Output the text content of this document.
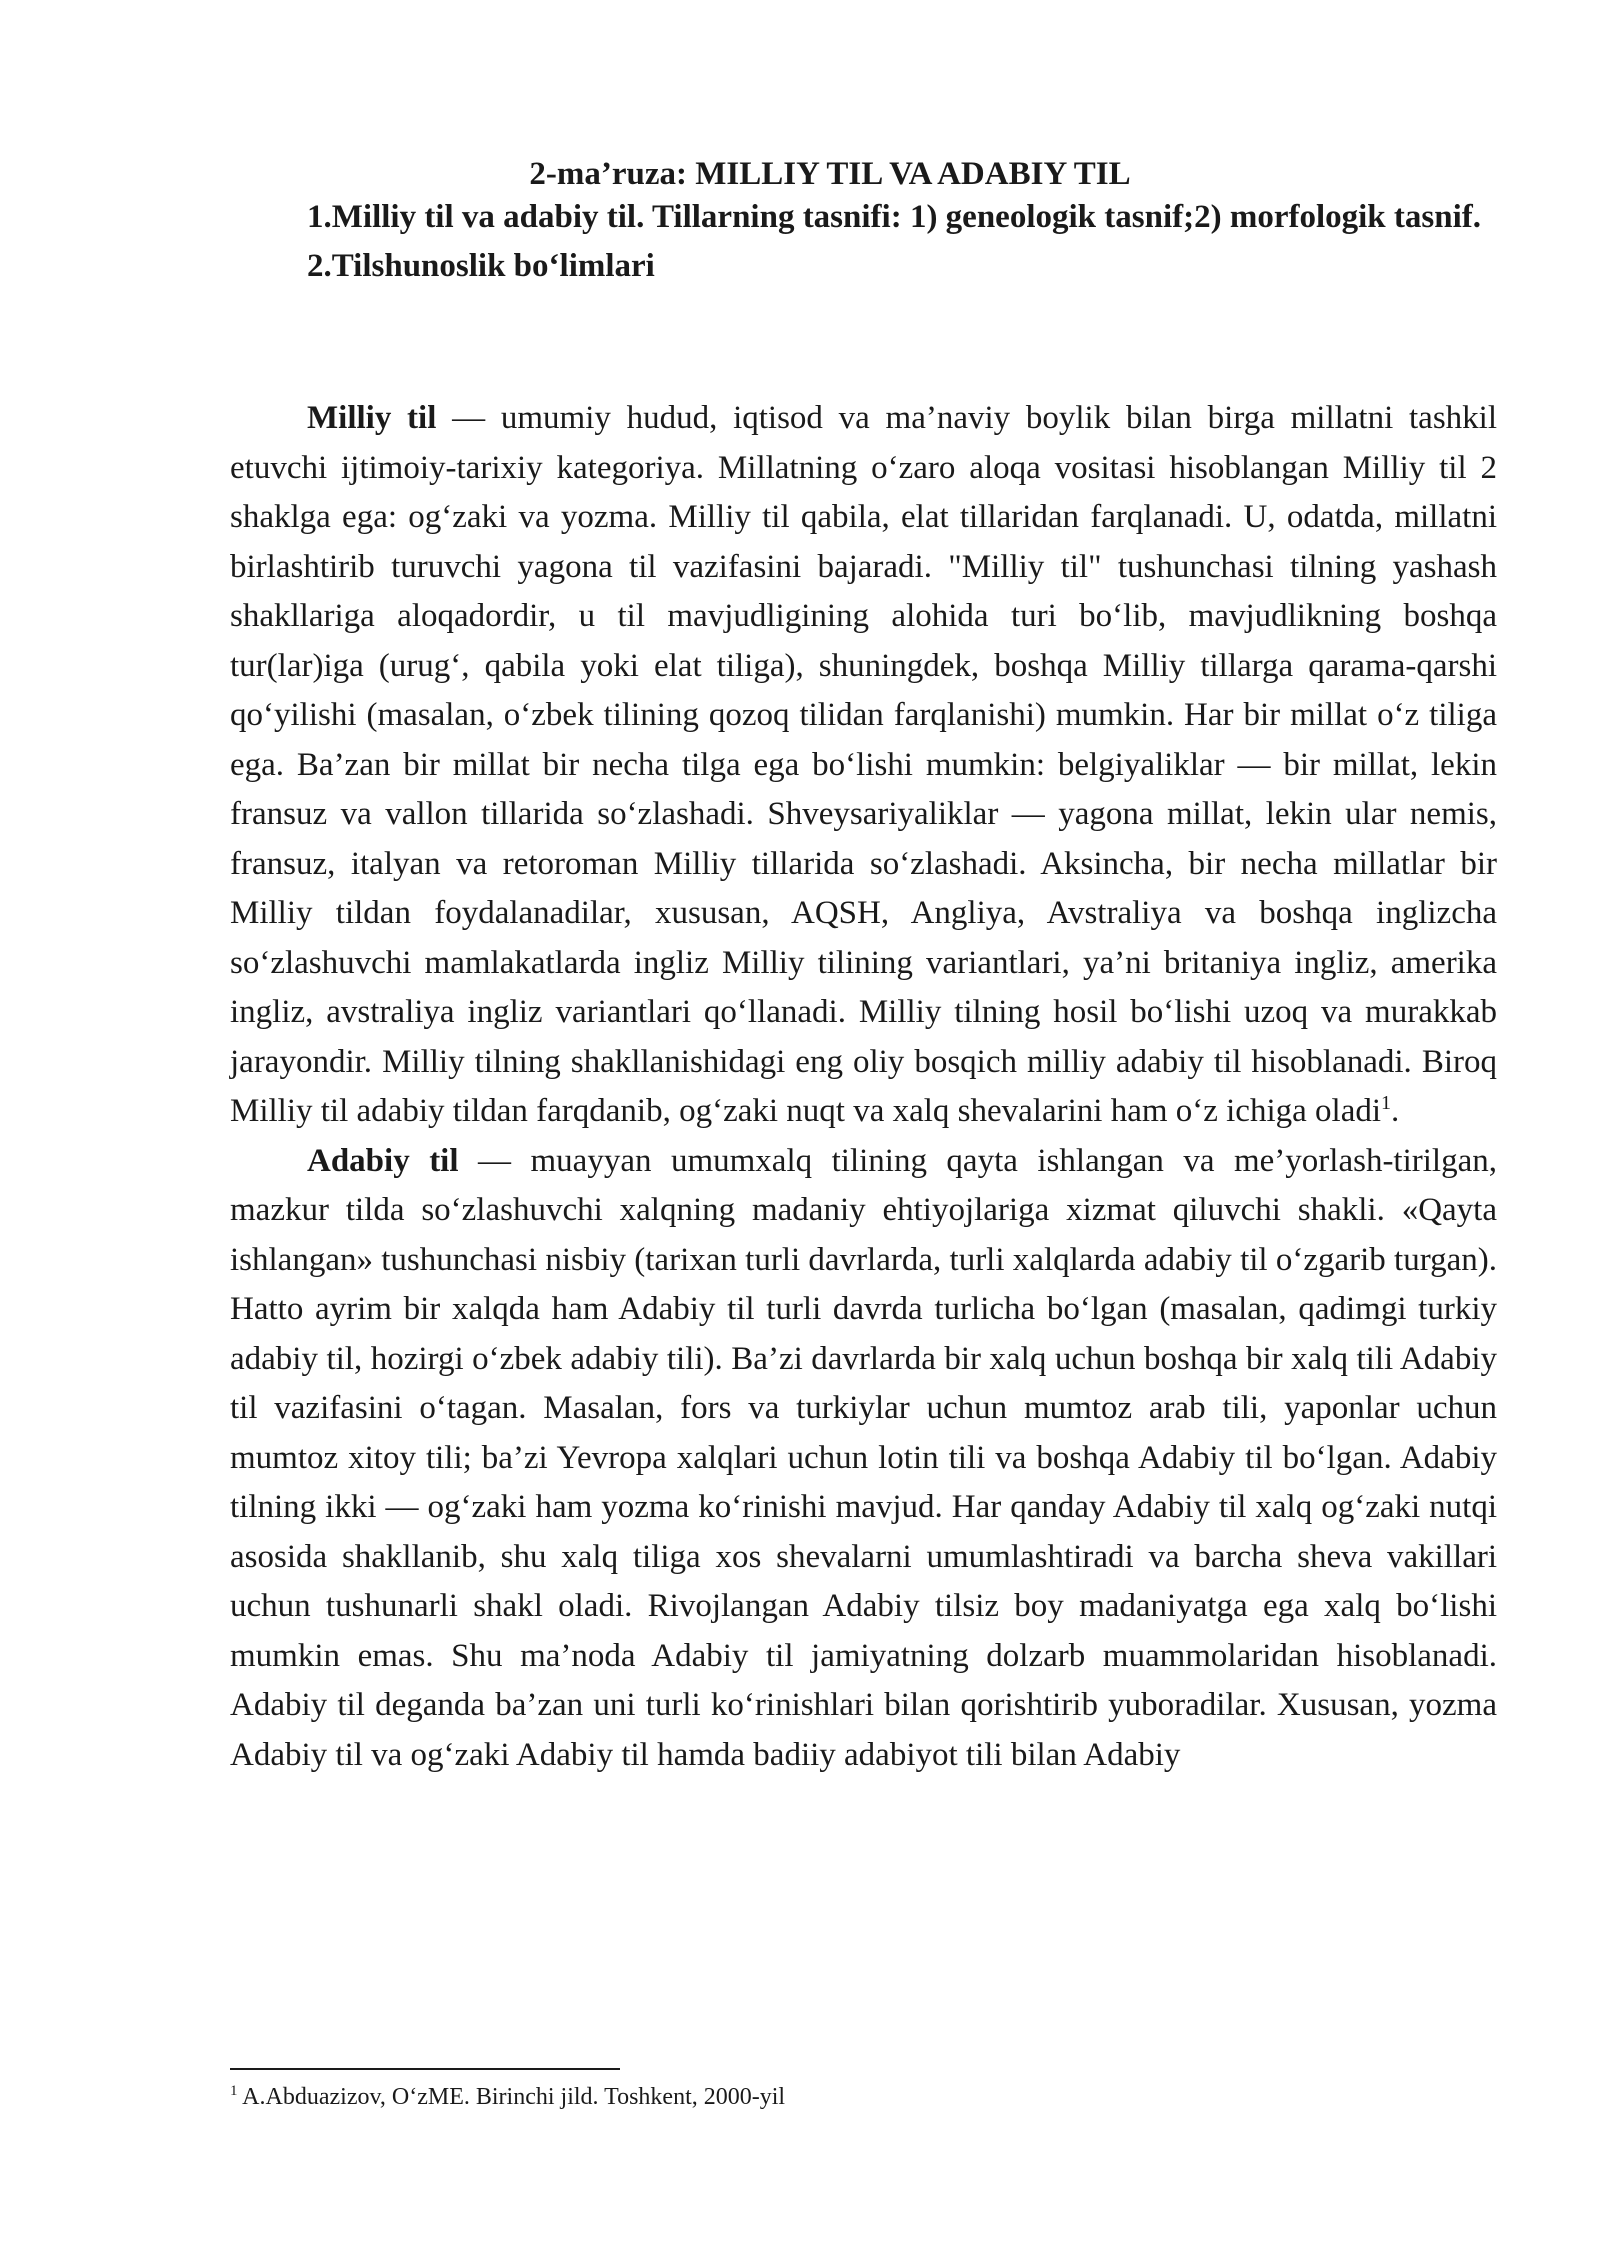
2-ma’ruza: MILLIY TIL VA ADABIY TIL

1.Milliy til va adabiy til. Tillarning tasnifi: 1) geneologik tasnif;2) morfologik tasnif.

2.Tilshunoslik bo‘limlari

Milliy til — umumiy hudud, iqtisod va ma’naviy boylik bilan birga millatni tashkil etuvchi ijtimoiy-tarixiy kategoriya. Millatning o‘zaro aloqa vositasi hisoblangan Milliy til 2 shaklga ega: og‘zaki va yozma. Milliy til qabila, elat tillaridan farqlanadi. U, odatda, millatni birlashtirib turuvchi yagona til vazifasini bajaradi. "Milliy til" tushunchasi tilning yashash shakllariga aloqadordir, u til mavjudligining alohida turi bo‘lib, mavjudlikning boshqa tur(lar)iga (urug‘, qabila yoki elat tiliga), shuningdek, boshqa Milliy tillarga qarama-qarshi qo‘yilishi (masalan, o‘zbek tilining qozoq tilidan farqlanishi) mumkin. Har bir millat o‘z tiliga ega. Ba’zan bir millat bir necha tilga ega bo‘lishi mumkin: belgiyaliklar — bir millat, lekin fransuz va vallon tillarida so‘zlashadi. Shveysariyaliklar — yagona millat, lekin ular nemis, fransuz, italyan va retoroman Milliy tillarida so‘zlashadi. Aksincha, bir necha millatlar bir Milliy tildan foydalanadilar, xususan, AQSH, Angliya, Avstraliya va boshqa inglizcha so‘zlashuvchi mamlakatlarda ingliz Milliy tilining variantlari, ya’ni britaniya ingliz, amerika ingliz, avstraliya ingliz variantlari qo‘llanadi. Milliy tilning hosil bo‘lishi uzoq va murakkab jarayondir. Milliy tilning shakllanishidagi eng oliy bosqich milliy adabiy til hisoblanadi. Biroq Milliy til adabiy tildan farqdanib, og‘zaki nuqt va xalq shevalarini ham o‘z ichiga oladi$^1$.

Adabiy til — muayyan umumxalq tilining qayta ishlangan va me’yorlash-tirilgan, mazkur tilda so‘zlashuvchi xalqning madaniy ehtiyojlariga xizmat qiluvchi shakli. «Qayta ishlangan» tushunchasi nisbiy (tarixan turli davrlarda, turli xalqlarda adabiy til o‘zgarib turgan). Hatto ayrim bir xalqda ham Adabiy til turli davrda turlicha bo‘lgan (masalan, qadimgi turkiy adabiy til, hozirgi o‘zbek adabiy tili). Ba’zi davrlarda bir xalq uchun boshqa bir xalq tili Adabiy til vazifasini o‘tagan. Masalan, fors va turkiylar uchun mumtoz arab tili, yaponlar uchun mumtoz xitoy tili; ba’zi Yevropa xalqlari uchun lotin tili va boshqa Adabiy til bo‘lgan. Adabiy tilning ikki — og‘zaki ham yozma ko‘rinishi mavjud. Har qanday Adabiy til xalq og‘zaki nutqi asosida shakllanib, shu xalq tiliga xos shevalarni umumlashtiradi va barcha sheva vakillari uchun tushunarli shakl oladi. Rivojlangan Adabiy tilsiz boy madaniyatga ega xalq bo‘lishi mumkin emas. Shu ma’noda Adabiy til jamiyatning dolzarb muammolaridan hisoblanadi. Adabiy til deganda ba’zan uni turli ko‘rinishlari bilan qorishtirib yuboradilar. Xususan, yozma Adabiy til va og‘zaki Adabiy til hamda badiiy adabiyot tili bilan Adabiy

$^1$ A.Abduazizov, O‘zME. Birinchi jild. Toshkent, 2000-yil
